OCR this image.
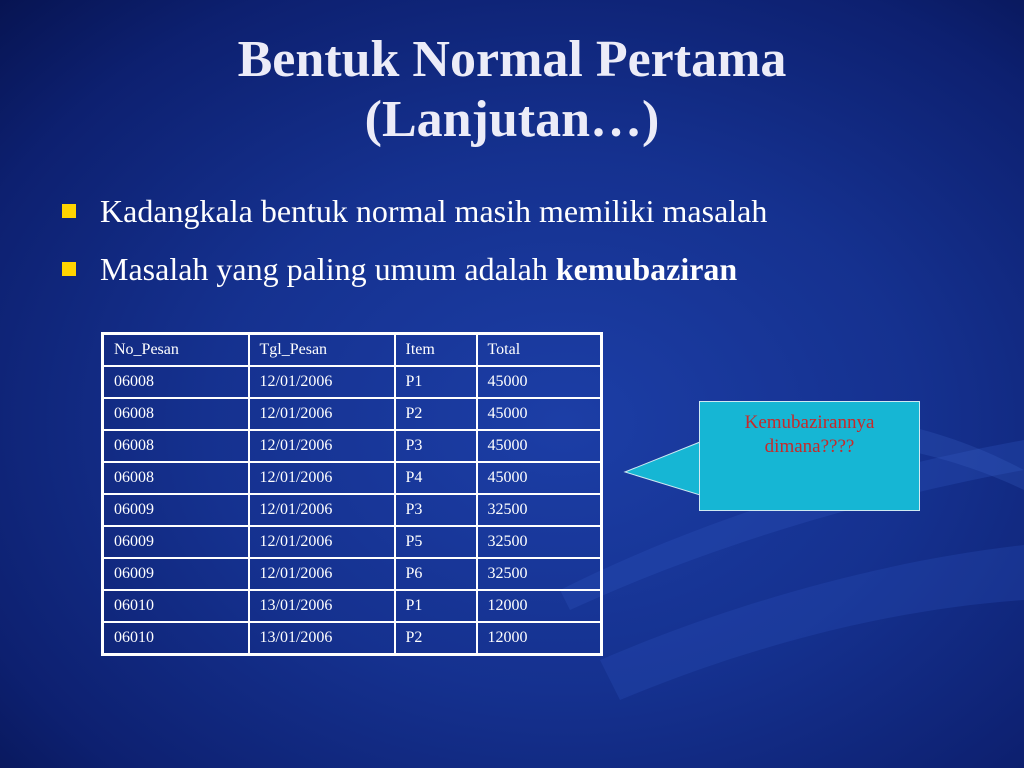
Bentuk Normal Pertama
(Lanjutan…)
Kadangkala bentuk normal masih memiliki masalah
Masalah yang paling umum adalah kemubaziran
No_Pesan	Tgl_Pesan	Item	Total
06008	12/01/2006	P1	45000
06008	12/01/2006	P2	45000
06008	12/01/2006	P3	45000
06008	12/01/2006	P4	45000
06009	12/01/2006	P3	32500
06009	12/01/2006	P5	32500
06009	12/01/2006	P6	32500
06010	13/01/2006	P1	12000
06010	13/01/2006	P2	12000
Kemubazirannya
dimana????
